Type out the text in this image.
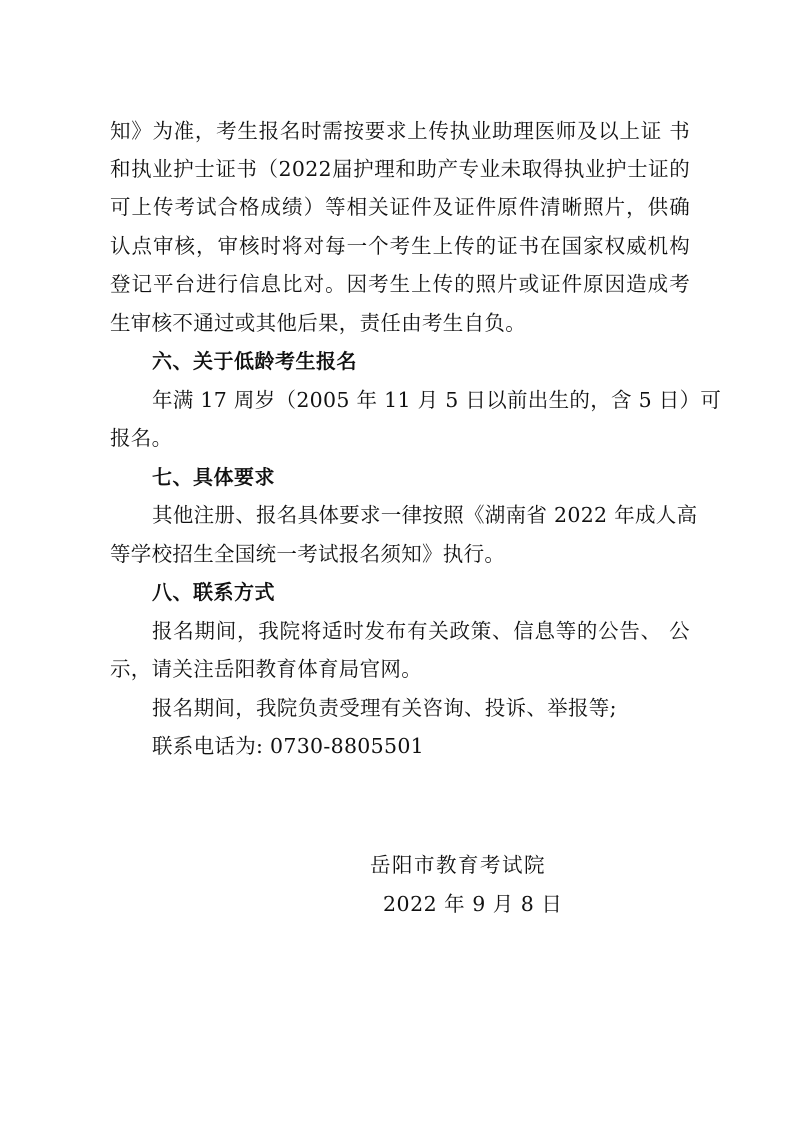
知》为准，考生报名时需按要求上传执业助理医师及以上证 书
和执业护士证书（2022届护理和助产专业未取得执业护士证的
可上传考试合格成绩）等相关证件及证件原件清晰照片，供确
认点审核，审核时将对每一个考生上传的证书在国家权威机构
登记平台进行信息比对。因考生上传的照片或证件原因造成考
生审核不通过或其他后果，责任由考生自负。
六、关于低龄考生报名
年满 17 周岁（2005 年 11 月 5 日以前出生的，含 5 日）可
报名。
七、具体要求
其他注册、报名具体要求一律按照《湖南省 2022 年成人高
等学校招生全国统一考试报名须知》执行。
八、联系方式
报名期间，我院将适时发布有关政策、信息等的公告、 公
示，请关注岳阳教育体育局官网。
报名期间，我院负责受理有关咨询、投诉、举报等;
联系电话为: 0730-8805501
岳阳市教育考试院
2022 年 9 月 8 日
